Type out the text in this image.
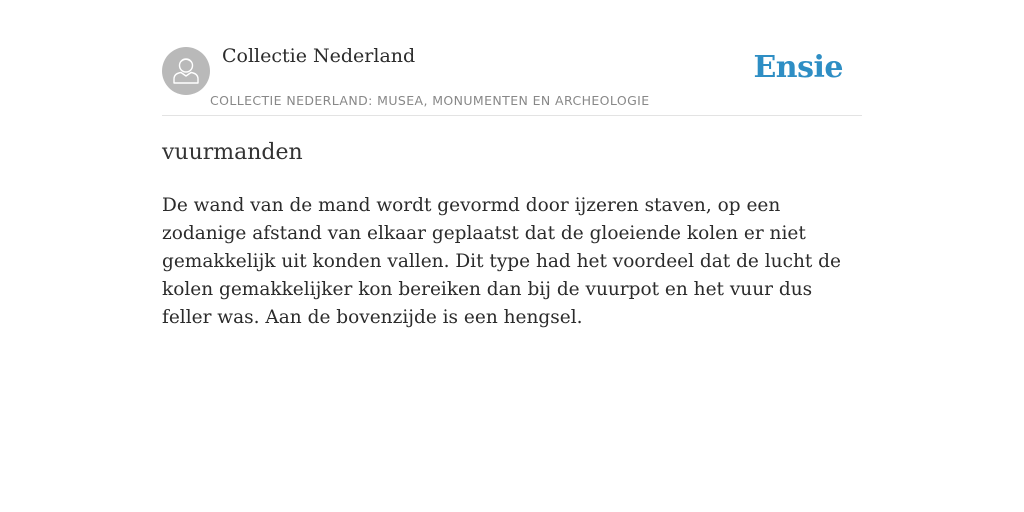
Collectie Nederland
COLLECTIE NEDERLAND: MUSEA, MONUMENTEN EN ARCHEOLOGIE
Ensie
vuurmanden

De wand van de mand wordt gevormd door ijzeren staven, op een zodanige afstand van elkaar geplaatst dat de gloeiende kolen er niet gemakkelijk uit konden vallen. Dit type had het voordeel dat de lucht de kolen gemakkelijker kon bereiken dan bij de vuurpot en het vuur dus feller was. Aan de bovenzijde is een hengsel.
